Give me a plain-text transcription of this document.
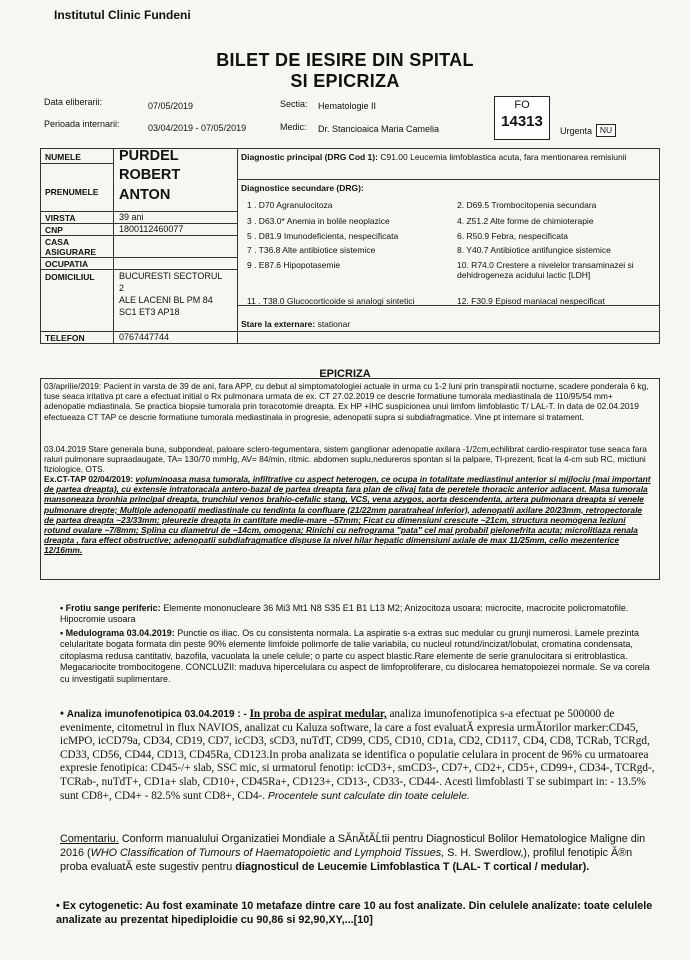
Institutul Clinic Fundeni
BILET DE IESIRE DIN SPITAL
SI EPICRIZA
Data eliberarii:	07/05/2019
Perioada internarii:	03/04/2019 - 07/05/2019
Sectia: Hematologie II
Medic: Dr. Stancioaica Maria Camelia
FO
14313
Urgenta NU
NUMELE	PURDEL
PRENUMELE
ROBERT
ANTON
VIRSTA	39 ani
CNP	1800112460077
CASA
ASIGURARE
OCUPATIA
DOMICILIUL	BUCURESTI SECTORUL
2
ALE LACENI BL PM 84
SC1 ET3 AP18
TELEFON	0767447744
Diagnostic principal (DRG Cod 1): C91.00 Leucemia limfoblastica acuta, fara mentionarea remisiunii
Diagnostice secundare (DRG):
1 . D70 Agranulocitoza	2. D69.5 Trombocitopenia secundara
3 . D63.0* Anemia in bolile neoplazice	4. Z51.2 Alte forme de chimioterapie
5 . D81.9 Imunodeficienta, nespecificata	6. R50.9 Febra, nespecificata
7 . T36.8 Alte antibiotice sistemice	8. Y40.7 Antibiotice antifungice sistemice
9 . E87.6 Hipopotasemie	10. R74.0 Crestere a nivelelor transaminazei si dehidrogeneza acidului lactic [LDH]
11 . T38.0 Glucocorticoide si analogi sintetici	12. F30.9 Episod maniacal nespecificat
Stare la externare: stationar
EPICRIZA
03/aprilie/2019: Pacient in varsta de 39 de ani, fara APP, cu debut al simptomatologiei actuale in urma cu 1-2 luni prin transpiratii nocturne, scadere ponderala 6 kg, tuse seaca iritativa pt care a efectuat initial o Rx pulmonara urmata de ex. CT 27.02.2019 ce descrie formatiune tumorala mediastinala de 110/95/54 mm+ adenopatie mdiastinala. Se practica biopsie tumorala prin toracotomie dreapta. Ex HP +IHC suspicionea unui limfom limfoblastic T/ LAL-T. In data de 02.04.2019 efectueaza CT TAP ce descrie formatiune tumorala mediastinala in progresie, adenopatii supra si subdiafragmatice. Vine pt internare si tratament.
03.04.2019 Stare generala buna, subpondeal, paloare sclero-tegumentara, sistem ganglionar adenopatie axilara -1/2cm,echilibrat cardio-respirator tuse seaca fara raluri pulmonare supraadaugate, TA= 130/70 mmHg, AV= 84/min, ritmic. abdomen suplu,nedureros spontan si la palpare, Tl-prezent, ficat la 4-cm sub RC, mictiuni fiziologice, OTS.
Ex.CT-TAP 02/04/2019: voluminoasa masa tumorala, infiltrative cu aspect heterogen, ce ocupa in totalitate mediastinul anterior si mijlociu (mai important de partea dreapta), cu extensie intratoracala antero-bazal de partea dreapta fara plan de clivaj fata de peretele thoracic anterior adiacent. Masa tumorala mansoneaza bronhia principal dreapta, trunchiul venos brahio-cefalic stang, VCS, vena azygos, aorta descendenta, artera pulmonara dreapta si venele pulmonare drepte; Multiple adenopatii mediastinale cu tendinta la confluare (21/22mm paratraheal inferior), adenopatii axilare 20/23mm, retropectorale de partea dreapta ~23/33mm; pleurezie dreapta in cantitate medie-mare ~57mm; Ficat cu dimensiuni crescute ~21cm, structura neomogena leziuni rotund ovalare ~7/8mm; Splina cu diametrul de ~14cm, omogena; Rinichi cu nefrograma "pata" cel mai probabil pielonefrita acuta; microlitiaza renala dreapta , fara effect obstructive; adenopatii subdiafragmatice dispuse la nivel hilar hepatic dimensiuni axiale de max 11/25mm, celio mezenterice 12/16mm.
• Frotiu sange periferic: Elemente mononucleare 36 Mi3 Mt1 N8 S35 E1 B1 L13 M2; Anizocitoza usoara: microcite, macrocite policromatofile. Hipocromie usoara
• Medulograma 03.04.2019: Punctie os iliac. Os cu consistenta normala. La aspiratie s-a extras suc medular cu grunji numerosi. Lamele prezinta celularitate bogata formata din peste 90% elemente limfoide polimorfe de talie variabila, cu nucleul rotund/incizat/lobulat, cromatina condensata, citoplasma redusa cantitativ, bazofila, vacuolata la unele celule; o parte cu aspect blastic.Rare elemente de serie granulocitara si eritroblastica. Megacariocite trombocitogene. CONCLUZII: maduva hipercelulara cu aspect de limfoproliferare, cu dislocarea hematopoiezei normale. Se va corela cu investigatii suplimentare.
• Analiza imunofenotipica 03.04.2019 : - In proba de aspirat medular, analiza imunofenotipica s-a efectuat pe 500000 de evenimente, citometrul in flux NAVIOS, analizat cu Kaluza software, la care a fost evaluatĂ expresia urmĂtorilor marker:CD45, icMPO, icCD79a, CD34, CD19, CD7, icCD3, sCD3, nuTdT, CD99, CD5, CD10, CD1a, CD2, CD117, CD4, CD8, TCRab, TCRgd, CD33, CD56, CD44, CD13, CD45Ra, CD123.In proba analizata se identifica o populatie celulara in procent de 96% cu urmatoarea expresie fenotipica: CD45-/+ slab, SSC mic, si urmatorul fenotip: icCD3+, smCD3-, CD7+, CD2+, CD5+, CD99+, CD34-, TCRgd-, TCRab-, nuTdT+, CD1a+ slab, CD10+, CD45Ra+, CD123+, CD13-, CD33-, CD44-. Acesti limfoblasti T se subimpart in: - 13.5% sunt CD8+, CD4+ - 82.5% sunt CD8+, CD4-. Procentele sunt calculate din toate celulele.
Comentariu. Conform manualului Organizatiei Mondiale a SĂnĂtĂĹtii pentru Diagnosticul Bolilor Hematologice Maligne din 2016 (WHO Classification of Tumours of Haematopoietic and Lymphoid Tissues, S. H. Swerdlow,), profilul fenotipic Ă®n proba evaluatĂ este sugestiv pentru diagnosticul de Leucemie Limfoblastica T (LAL- T cortical / medular).
• Ex cytogenetic: Au fost examinate 10 metafaze dintre care 10 au fost analizate. Din celulele analizate: toate celulele analizate au prezentat hipediploidie cu 90,86 si 92,90,XY,...[10]
